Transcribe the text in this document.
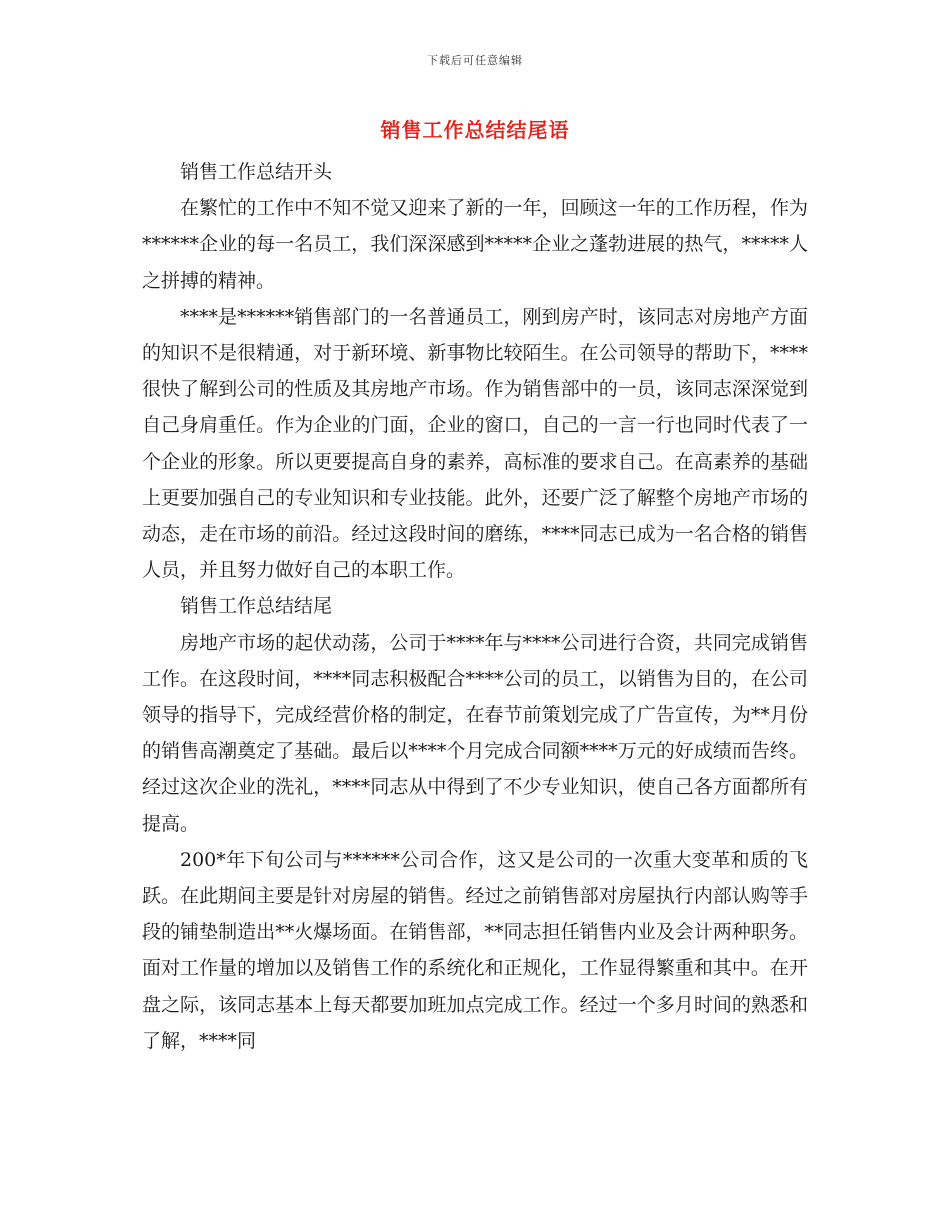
下载后可任意编辑
销售工作总结结尾语

销售工作总结开头

在繁忙的工作中不知不觉又迎来了新的一年，回顾这一年的工作历程，作为******企业的每一名员工，我们深深感到*****企业之蓬勃进展的热气，*****人之拼搏的精神。

****是******销售部门的一名普通员工，刚到房产时，该同志对房地产方面的知识不是很精通，对于新环境、新事物比较陌生。在公司领导的帮助下，****很快了解到公司的性质及其房地产市场。作为销售部中的一员，该同志深深觉到自己身肩重任。作为企业的门面，企业的窗口，自己的一言一行也同时代表了一个企业的形象。所以更要提高自身的素养，高标准的要求自己。在高素养的基础上更要加强自己的专业知识和专业技能。此外，还要广泛了解整个房地产市场的动态，走在市场的前沿。经过这段时间的磨练，****同志已成为一名合格的销售人员，并且努力做好自己的本职工作。

销售工作总结结尾

房地产市场的起伏动荡，公司于****年与****公司进行合资，共同完成销售工作。在这段时间，****同志积极配合****公司的员工，以销售为目的，在公司领导的指导下，完成经营价格的制定，在春节前策划完成了广告宣传，为**月份的销售高潮奠定了基础。最后以****个月完成合同额****万元的好成绩而告终。经过这次企业的洗礼，****同志从中得到了不少专业知识，使自己各方面都所有提高。

200*年下旬公司与******公司合作，这又是公司的一次重大变革和质的飞跃。在此期间主要是针对房屋的销售。经过之前销售部对房屋执行内部认购等手段的铺垫制造出**火爆场面。在销售部，**同志担任销售内业及会计两种职务。面对工作量的增加以及销售工作的系统化和正规化，工作显得繁重和其中。在开盘之际，该同志基本上每天都要加班加点完成工作。经过一个多月时间的熟悉和了解，****同
